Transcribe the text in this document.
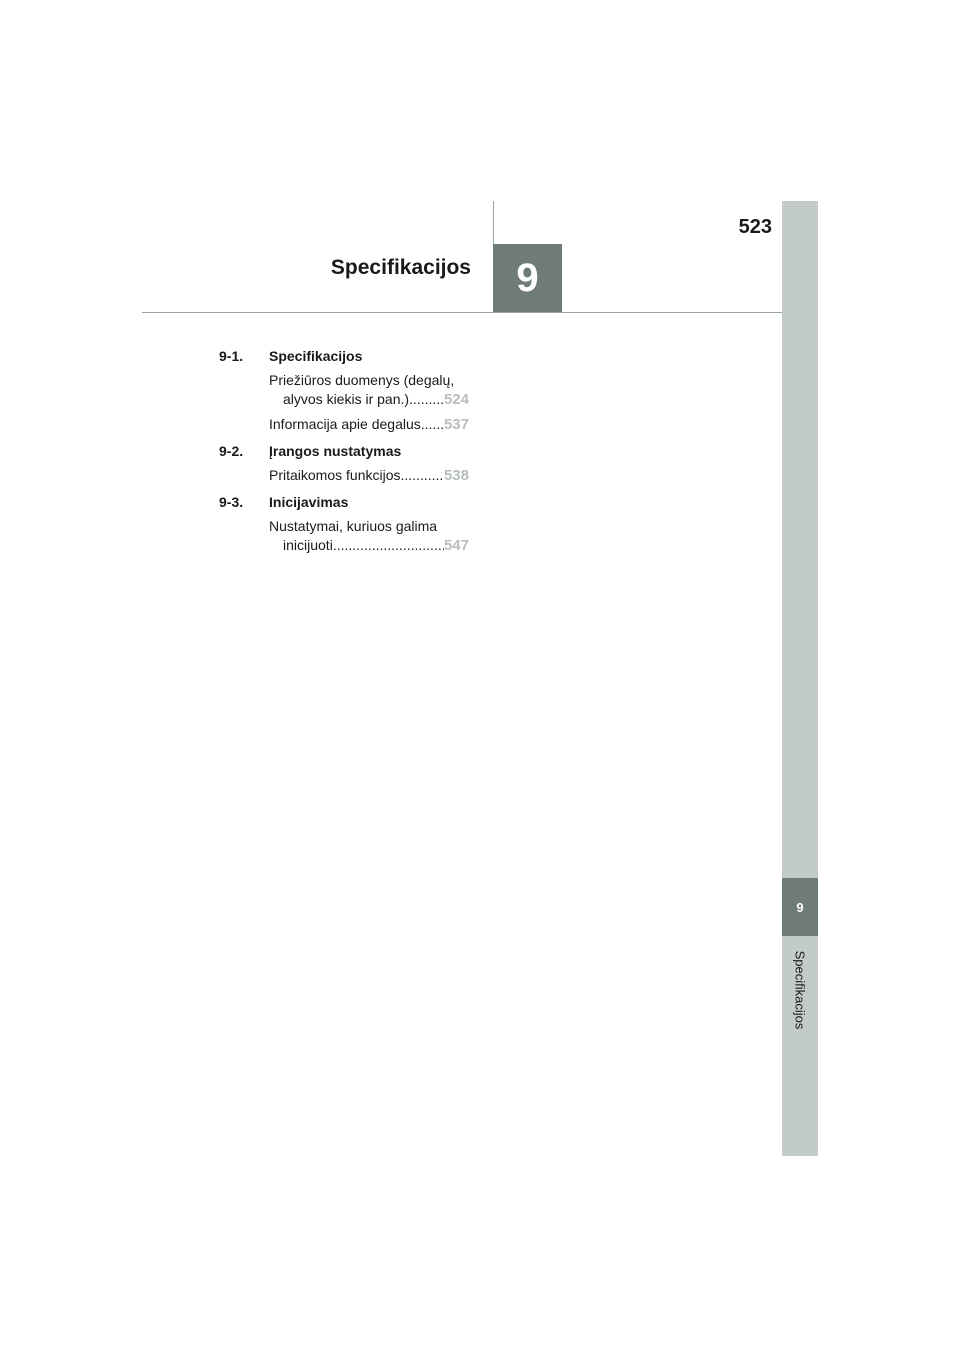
9
Specifikacijos
523
Specifikacijos	9
9-1.	Specifikacijos
Priežiūros duomenys (degalų,
alyvos kiekis ir pan.) ..... 524
Informacija apie degalus ..... 537
9-2.	Įrangos nustatymas
Pritaikomos funkcijos .....	538
9-3.	Inicijavimas
Nustatymai, kuriuos galima
inicijuoti .....	547
